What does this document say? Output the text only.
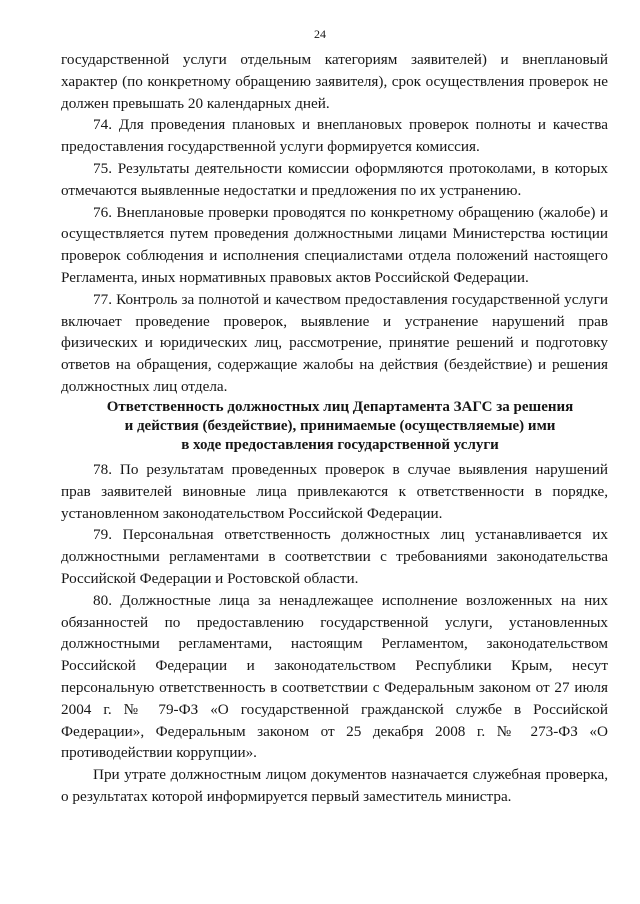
24

государственной услуги отдельным категориям заявителей) и внеплановый характер (по конкретному обращению заявителя), срок осуществления проверок не должен превышать 20 календарных дней.

74. Для проведения плановых и внеплановых проверок полноты и качества предоставления государственной услуги формируется комиссия.

75. Результаты деятельности комиссии оформляются протоколами, в которых отмечаются выявленные недостатки и предложения по их устранению.

76. Внеплановые проверки проводятся по конкретному обращению (жалобе) и осуществляется путем проведения должностными лицами Министерства юстиции проверок соблюдения и исполнения специалистами отдела положений настоящего Регламента, иных нормативных правовых актов Российской Федерации.

77. Контроль за полнотой и качеством предоставления государственной услуги включает проведение проверок, выявление и устранение нарушений прав физических и юридических лиц, рассмотрение, принятие решений и подготовку ответов на обращения, содержащие жалобы на действия (бездействие) и решения должностных лиц отдела.

Ответственность должностных лиц Департамента ЗАГС за решения
и действия (бездействие), принимаемые (осуществляемые) ими
в ходе предоставления государственной услуги

78. По результатам проведенных проверок в случае выявления нарушений прав заявителей виновные лица привлекаются к ответственности в порядке, установленном законодательством Российской Федерации.

79. Персональная ответственность должностных лиц устанавливается их должностными регламентами в соответствии с требованиями законодательства Российской Федерации и Ростовской области.

80. Должностные лица за ненадлежащее исполнение возложенных на них обязанностей по предоставлению государственной услуги, установленных должностными регламентами, настоящим Регламентом, законодательством Российской Федерации и законодательством Республики Крым, несут персональную ответственность в соответствии с Федеральным законом от 27 июля 2004 г. № 79-ФЗ «О государственной гражданской службе в Российской Федерации», Федеральным законом от 25 декабря 2008 г. № 273-ФЗ «О противодействии коррупции».

При утрате должностным лицом документов назначается служебная проверка, о результатах которой информируется первый заместитель министра.
